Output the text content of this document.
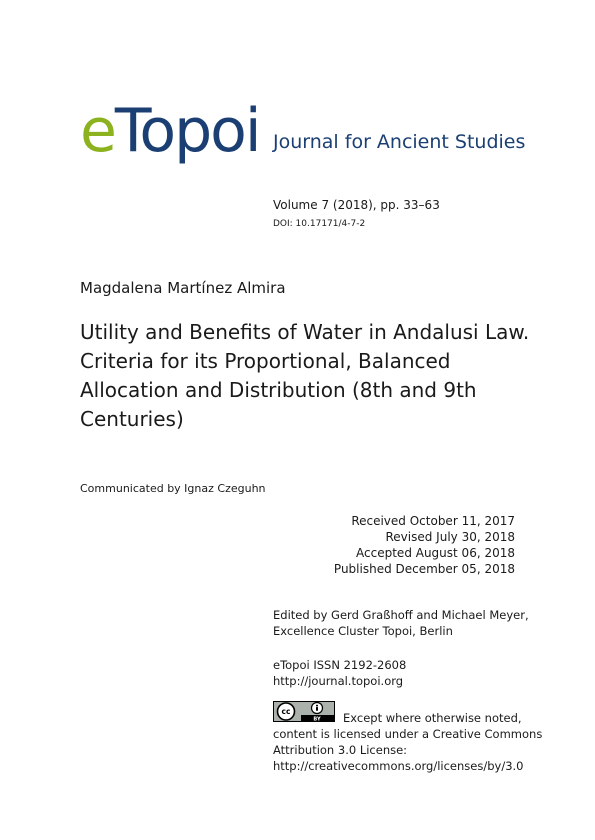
eTopoi Journal for Ancient Studies
Volume 7 (2018), pp. 33–63
DOI: 10.17171/4-7-2
Magdalena Martínez Almira
Utility and Benefits of Water in Andalusi Law. Criteria for its Proportional, Balanced Allocation and Distribution (8th and 9th Centuries)
Communicated by Ignaz Czeguhn
Received October 11, 2017
Revised July 30, 2018
Accepted August 06, 2018
Published December 05, 2018
Edited by Gerd Graßhoff and Michael Meyer,
Excellence Cluster Topoi, Berlin
eTopoi ISSN 2192-2608
http://journal.topoi.org
cc
BY	Except where otherwise noted,
content is licensed under a Creative Commons
Attribution 3.0 License:
http://creativecommons.org/licenses/by/3.0
